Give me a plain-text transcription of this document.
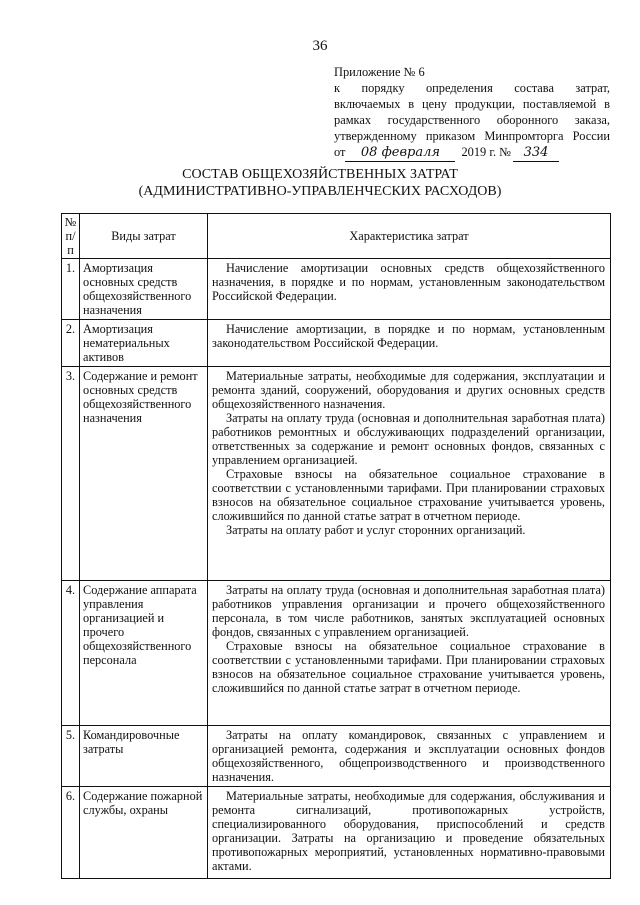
36
Приложение № 6
к порядку определения состава затрат,
включаемых в цену продукции, поставляемой в
рамках государственного оборонного заказа,
утвержденному приказом Минпромторга России
от	08 февраля	2019 г. № 334
СОСТАВ ОБЩЕХОЗЯЙСТВЕННЫХ ЗАТРАТ
(АДМИНИСТРАТИВНО-УПРАВЛЕНЧЕСКИХ РАСХОДОВ)
№ п/п	Виды затрат	Характеристика затрат
1.	Амортизация основных средств общехозяйственного назначения	Начисление амортизации основных средств общехозяйственного назначения, в порядке и по нормам, установленным законодательством Российской Федерации.

2.	Амортизация нематериальных активов	Начисление амортизации, в порядке и по нормам, установленным законодательством Российской Федерации.

3.	Содержание и ремонт основных средств общехозяйственного назначения	Материальные затраты, необходимые для содержания, эксплуатации и ремонта зданий, сооружений, оборудования и других основных средств общехозяйственного назначения.
Затраты на оплату труда (основная и дополнительная заработная плата) работников ремонтных и обслуживающих подразделений организации, ответственных за содержание и ремонт основных фондов, связанных с управлением организацией.
Страховые взносы на обязательное социальное страхование в соответствии с установленными тарифами. При планировании страховых взносов на обязательное социальное страхование учитывается уровень, сложившийся по данной статье затрат в отчетном периоде.
Затраты на оплату работ и услуг сторонних организаций.

4.	Содержание аппарата управления организацией и прочего общехозяйственного персонала	Затраты на оплату труда (основная и дополнительная заработная плата) работников управления организации и прочего общехозяйственного персонала, в том числе работников, занятых эксплуатацией основных фондов, связанных с управлением организацией.
Страховые взносы на обязательное социальное страхование в соответствии с установленными тарифами. При планировании страховых взносов на обязательное социальное страхование учитывается уровень, сложившийся по данной статье затрат в отчетном периоде.

5.	Командировочные затраты	Затраты на оплату командировок, связанных с управлением и организацией ремонта, содержания и эксплуатации основных фондов общехозяйственного, общепроизводственного и производственного назначения.

6.	Содержание пожарной службы, охраны	Материальные затраты, необходимые для содержания, обслуживания и ремонта сигнализаций, противопожарных устройств, специализированного оборудования, приспособлений и средств организации. Затраты на организацию и проведение обязательных противопожарных мероприятий, установленных нормативно-правовыми актами.
